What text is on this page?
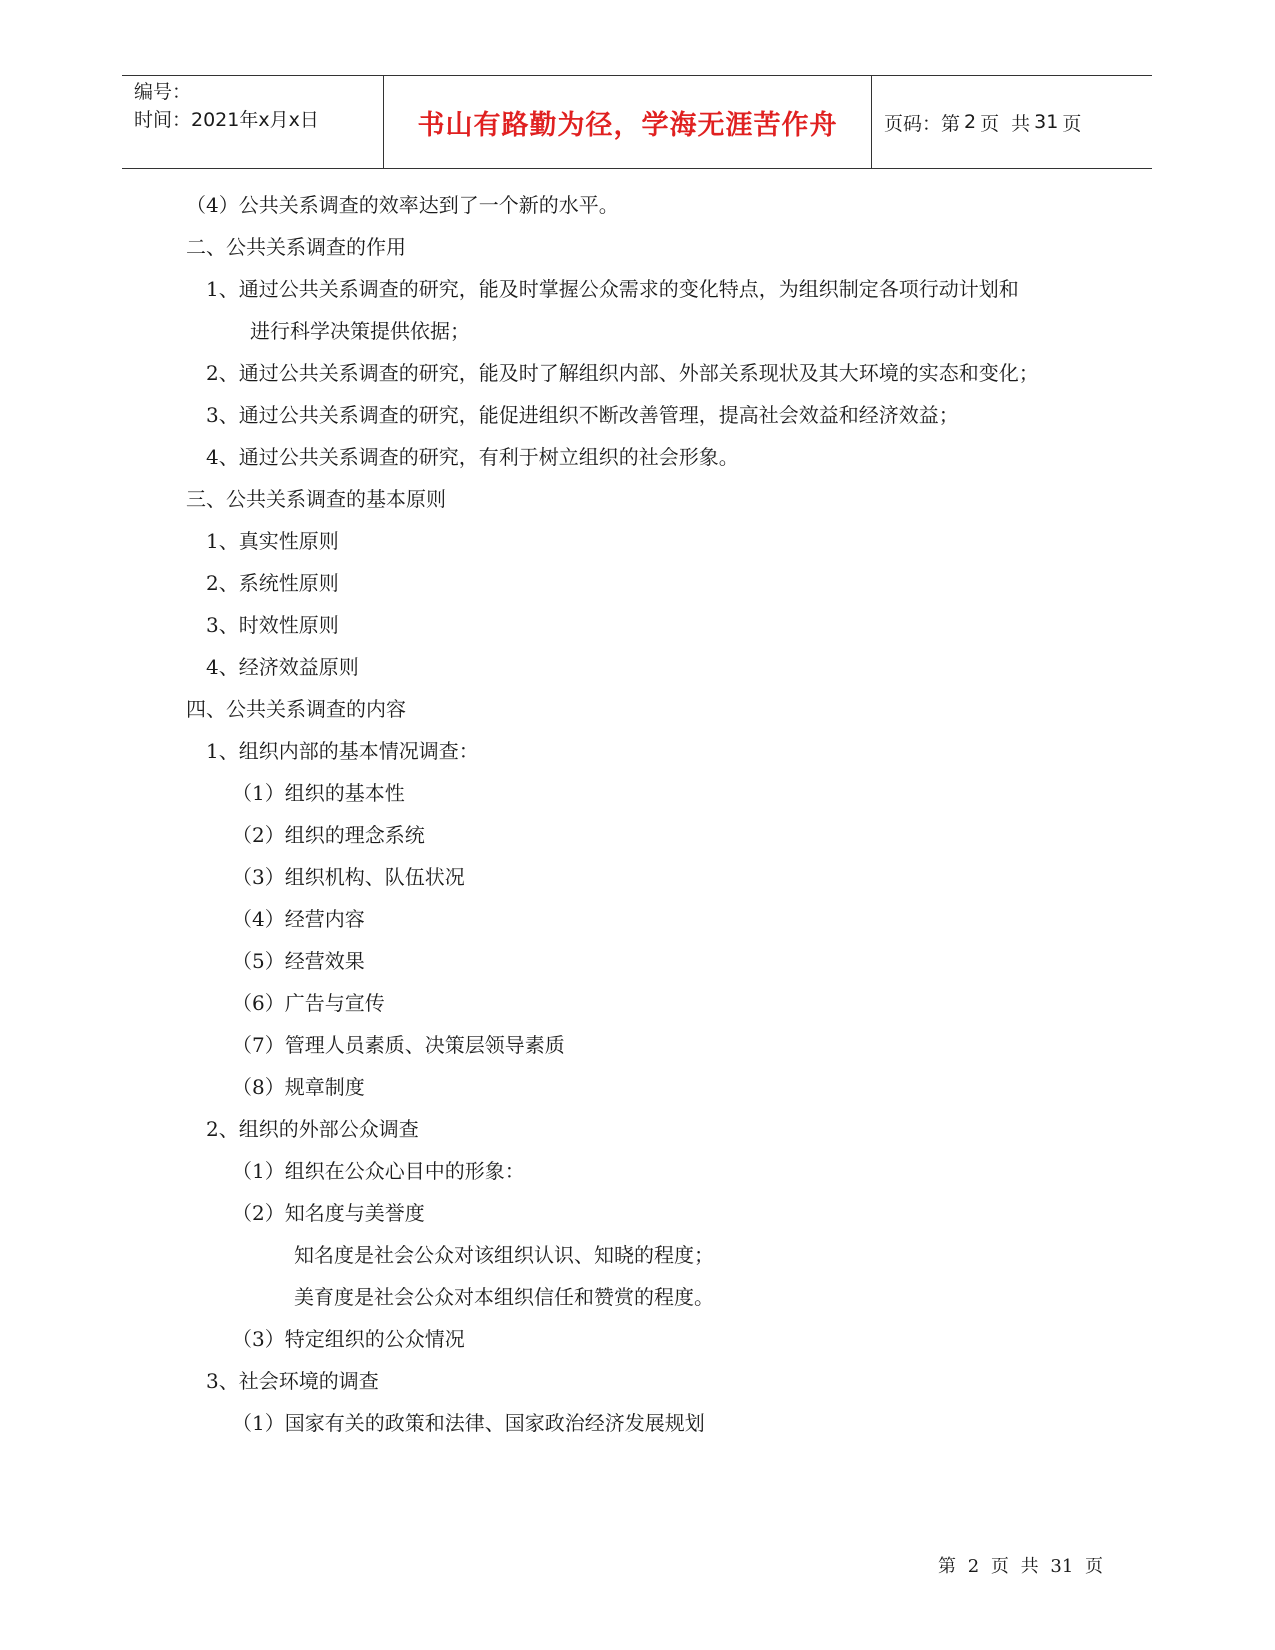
编号：
时间：2021年x月x日	书山有路勤为径，学海无涯苦作舟	页码：第 2 页 共 31 页
（4）公共关系调查的效率达到了一个新的水平。
二、公共关系调查的作用
1、通过公共关系调查的研究，能及时掌握公众需求的变化特点，为组织制定各项行动计划和
进行科学决策提供依据；
2、通过公共关系调查的研究，能及时了解组织内部、外部关系现状及其大环境的实态和变化；
3、通过公共关系调查的研究，能促进组织不断改善管理，提高社会效益和经济效益；
4、通过公共关系调查的研究，有利于树立组织的社会形象。
三、公共关系调查的基本原则
1、真实性原则
2、系统性原则
3、时效性原则
4、经济效益原则
四、公共关系调查的内容
1、组织内部的基本情况调查：
（1）组织的基本性
（2）组织的理念系统
（3）组织机构、队伍状况
（4）经营内容
（5）经营效果
（6）广告与宣传
（7）管理人员素质、决策层领导素质
（8）规章制度
2、组织的外部公众调查
（1）组织在公众心目中的形象：
（2）知名度与美誉度
知名度是社会公众对该组织认识、知晓的程度；
美育度是社会公众对本组织信任和赞赏的程度。
（3）特定组织的公众情况
3、社会环境的调查
（1）国家有关的政策和法律、国家政治经济发展规划
第 2 页 共 31 页
